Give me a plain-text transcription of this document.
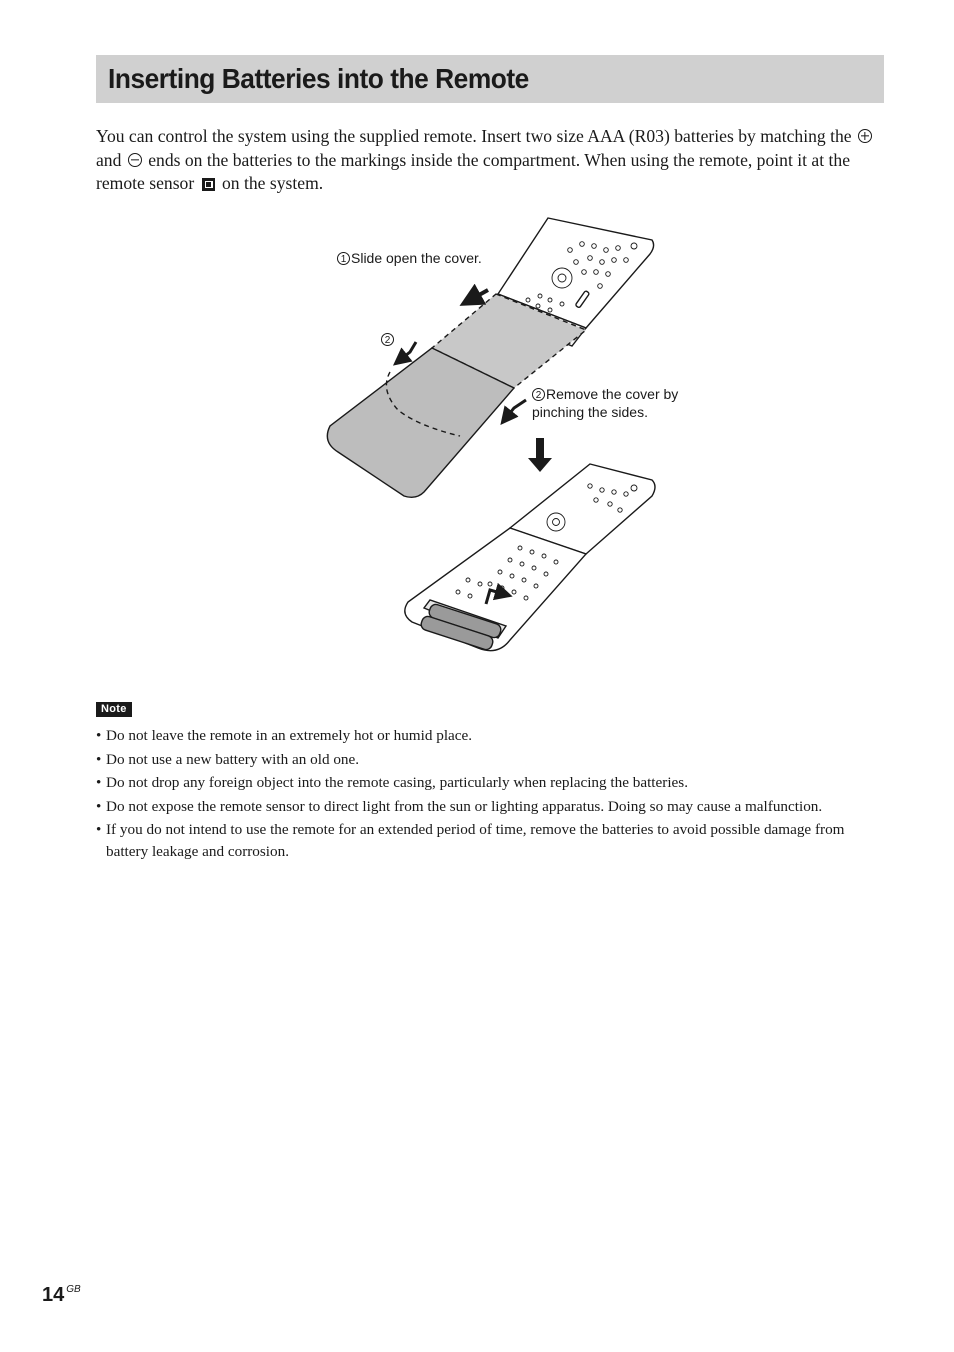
Inserting Batteries into the Remote

You can control the system using the supplied remote. Insert two size AAA (R03) batteries by matching the  and  ends on the batteries to the markings inside the compartment. When using the remote, point it at the remote sensor  on the system.

1 Slide open the cover.
2
2 Remove the cover by
pinching the sides.
Note
• Do not leave the remote in an extremely hot or humid place.
• Do not use a new battery with an old one.
• Do not drop any foreign object into the remote casing, particularly when replacing the batteries.
• Do not expose the remote sensor to direct light from the sun or lighting apparatus. Doing so may cause a malfunction.
• If you do not intend to use the remote for an extended period of time, remove the batteries to avoid possible damage from battery leakage and corrosion.
14 $^{GB}$
